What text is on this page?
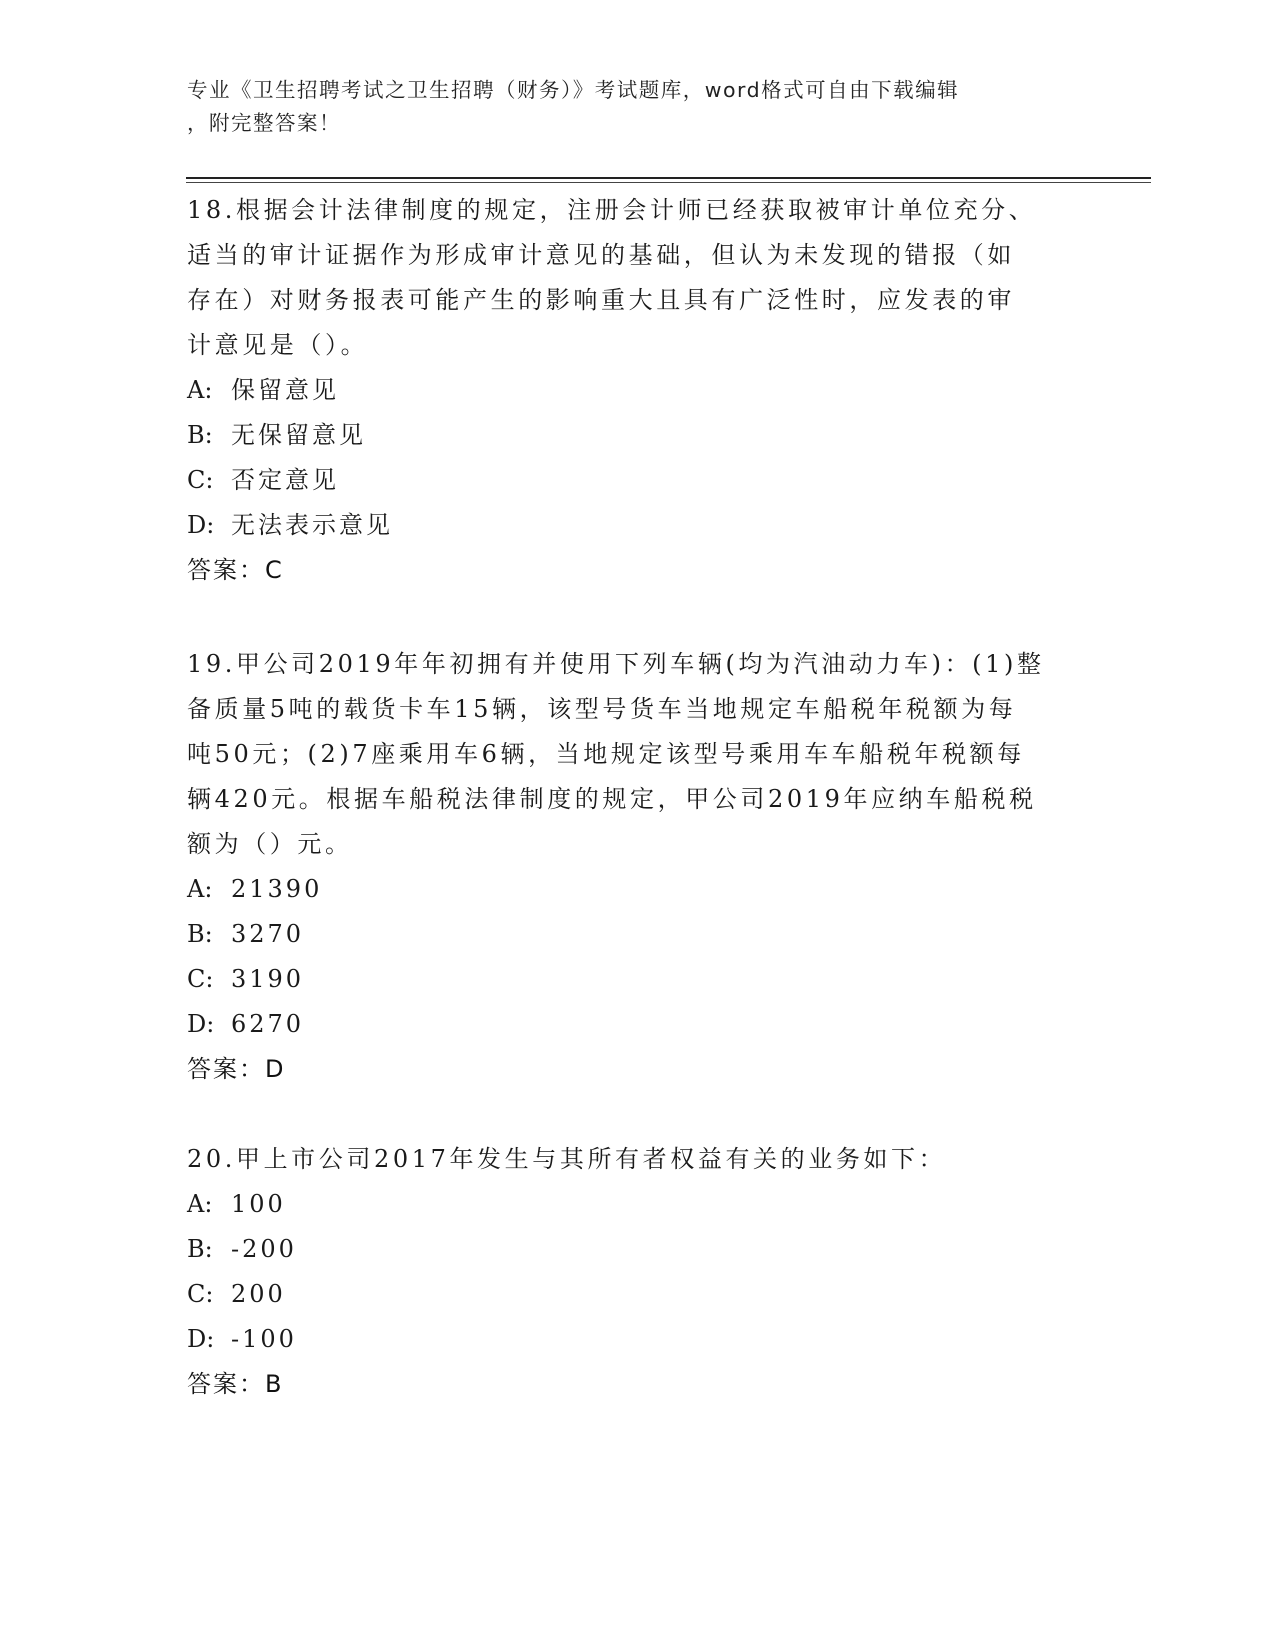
专业《卫生招聘考试之卫生招聘（财务）》考试题库，word格式可自由下载编辑
，附完整答案！
18.根据会计法律制度的规定，注册会计师已经获取被审计单位充分、
适当的审计证据作为形成审计意见的基础，但认为未发现的错报（如
存在）对财务报表可能产生的影响重大且具有广泛性时，应发表的审
计意见是（）。
A: 保留意见
B: 无保留意见
C: 否定意见
D: 无法表示意见
答案：C
19.甲公司2019年年初拥有并使用下列车辆(均为汽油动力车)：(1)整
备质量5吨的载货卡车15辆，该型号货车当地规定车船税年税额为每
吨50元；(2)7座乘用车6辆，当地规定该型号乘用车车船税年税额每
辆420元。根据车船税法律制度的规定，甲公司2019年应纳车船税税
额为（）元。
A: 21390
B: 3270
C: 3190
D: 6270
答案：D
20.甲上市公司2017年发生与其所有者权益有关的业务如下：
A: 100
B: -200
C: 200
D: -100
答案：B
